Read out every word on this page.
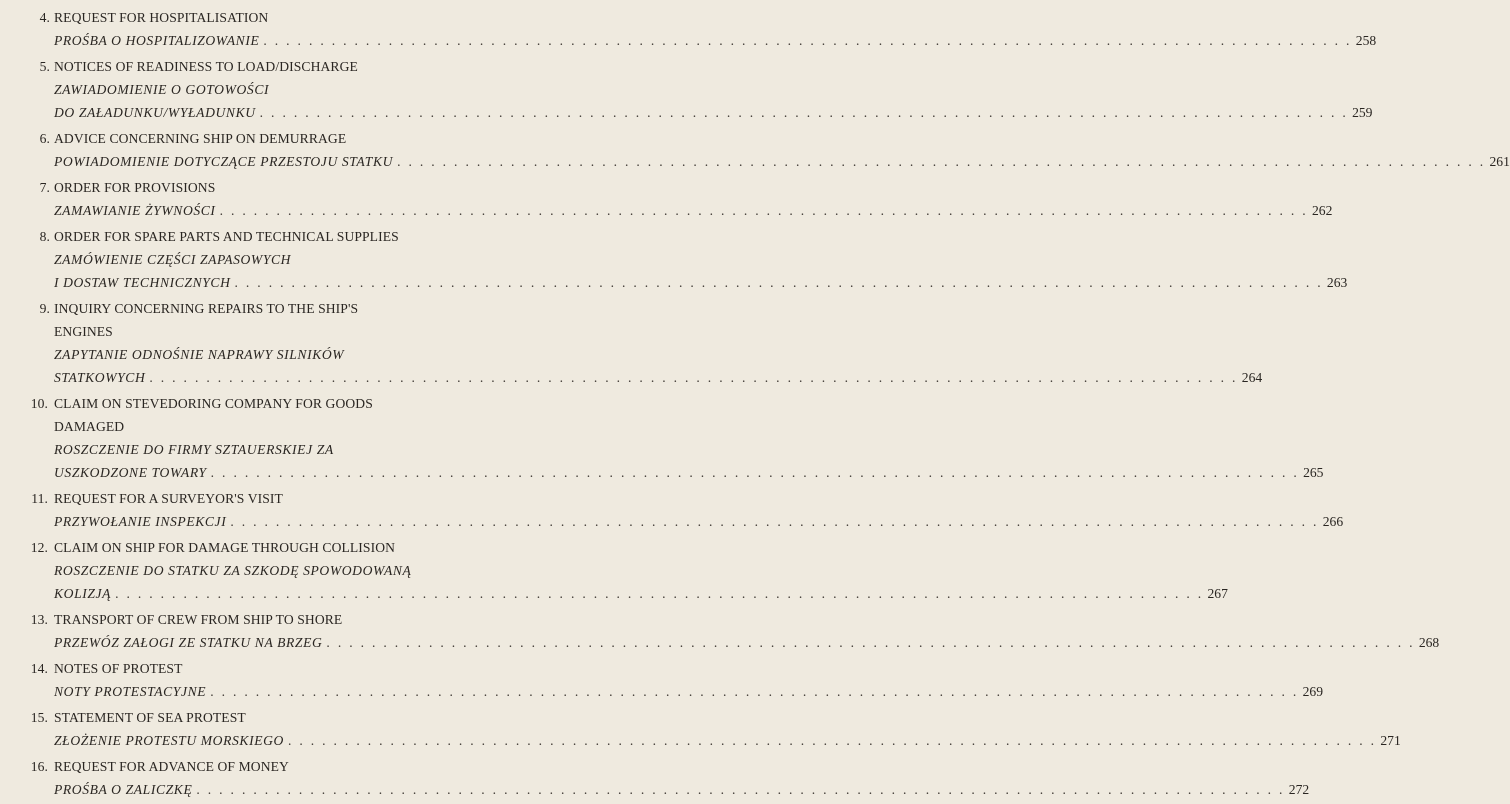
4. REQUEST FOR HOSPITALISATION
PROŚBA O HOSPITALIZOWANIE . . . . . . . . . . . . . . . . . . . . . . . . . . . . . . . . . . . . . . . . . . . . . . . . . . . . . . . . . . . . . . . . . . . . . . . . . . . . . . . . . . . . . . . . . . . . . . . . 258
5. NOTICES OF READINESS TO LOAD/DISCHARGE
ZAWIADOMIENIE O GOTOWOŚCI
DO ZAŁADUNKU/WYŁADUNKU . . . . . . . . . . . . . . . . . . . . . . . . . . . . . . . . . . . . . . . . . . . . . . . . . . . . . . . . . . . . . . . . . . . . . . . . . . . . . . . . . . . . . . . . . . . . . . . . 259
6. ADVICE CONCERNING SHIP ON DEMURRAGE
POWIADOMIENIE DOTYCZĄCE PRZESTOJU STATKU . . . . . . . . . . . . . . . . . . . . . . . . . . . . . . . . . . . . . . . . . . . . . . . . . . . . . . . . . . . . . . . . . . . . . . . . . . . . . . . . . . . . . . . . . . . . . . . . 261
7. ORDER FOR PROVISIONS
ZAMAWIANIE ŻYWNOŚCI . . . . . . . . . . . . . . . . . . . . . . . . . . . . . . . . . . . . . . . . . . . . . . . . . . . . . . . . . . . . . . . . . . . . . . . . . . . . . . . . . . . . . . . . . . . . . . . . 262
8. ORDER FOR SPARE PARTS AND TECHNICAL SUPPLIES
ZAMÓWIENIE CZĘŚCI ZAPASOWYCH
I DOSTAW TECHNICZNYCH . . . . . . . . . . . . . . . . . . . . . . . . . . . . . . . . . . . . . . . . . . . . . . . . . . . . . . . . . . . . . . . . . . . . . . . . . . . . . . . . . . . . . . . . . . . . . . . . 263
9. INQUIRY CONCERNING REPAIRS TO THE SHIP'S
ENGINES
ZAPYTANIE ODNOŚNIE NAPRAWY SILNIKÓW
STATKOWYCH . . . . . . . . . . . . . . . . . . . . . . . . . . . . . . . . . . . . . . . . . . . . . . . . . . . . . . . . . . . . . . . . . . . . . . . . . . . . . . . . . . . . . . . . . . . . . . . . 264
10. CLAIM ON STEVEDORING COMPANY FOR GOODS
DAMAGED
ROSZCZENIE DO FIRMY SZTAUERSKIEJ ZA
USZKODZONE TOWARY . . . . . . . . . . . . . . . . . . . . . . . . . . . . . . . . . . . . . . . . . . . . . . . . . . . . . . . . . . . . . . . . . . . . . . . . . . . . . . . . . . . . . . . . . . . . . . . . 265
11. REQUEST FOR A SURVEYOR'S VISIT
PRZYWOŁANIE INSPEKCJI . . . . . . . . . . . . . . . . . . . . . . . . . . . . . . . . . . . . . . . . . . . . . . . . . . . . . . . . . . . . . . . . . . . . . . . . . . . . . . . . . . . . . . . . . . . . . . . . 266
12. CLAIM ON SHIP FOR DAMAGE THROUGH COLLISION
ROSZCZENIE DO STATKU ZA SZKODĘ SPOWODOWANĄ
KOLIZJĄ . . . . . . . . . . . . . . . . . . . . . . . . . . . . . . . . . . . . . . . . . . . . . . . . . . . . . . . . . . . . . . . . . . . . . . . . . . . . . . . . . . . . . . . . . . . . . . . . 267
13. TRANSPORT OF CREW FROM SHIP TO SHORE
PRZEWÓZ ZAŁOGI ZE STATKU NA BRZEG . . . . . . . . . . . . . . . . . . . . . . . . . . . . . . . . . . . . . . . . . . . . . . . . . . . . . . . . . . . . . . . . . . . . . . . . . . . . . . . . . . . . . . . . . . . . . . . . 268
14. NOTES OF PROTEST
NOTY PROTESTACYJNE . . . . . . . . . . . . . . . . . . . . . . . . . . . . . . . . . . . . . . . . . . . . . . . . . . . . . . . . . . . . . . . . . . . . . . . . . . . . . . . . . . . . . . . . . . . . . . . . 269
15. STATEMENT OF SEA PROTEST
ZŁOŻENIE PROTESTU MORSKIEGO . . . . . . . . . . . . . . . . . . . . . . . . . . . . . . . . . . . . . . . . . . . . . . . . . . . . . . . . . . . . . . . . . . . . . . . . . . . . . . . . . . . . . . . . . . . . . . . . 271
16. REQUEST FOR ADVANCE OF MONEY
PROŚBA O ZALICZKĘ . . . . . . . . . . . . . . . . . . . . . . . . . . . . . . . . . . . . . . . . . . . . . . . . . . . . . . . . . . . . . . . . . . . . . . . . . . . . . . . . . . . . . . . . . . . . . . . . 272
